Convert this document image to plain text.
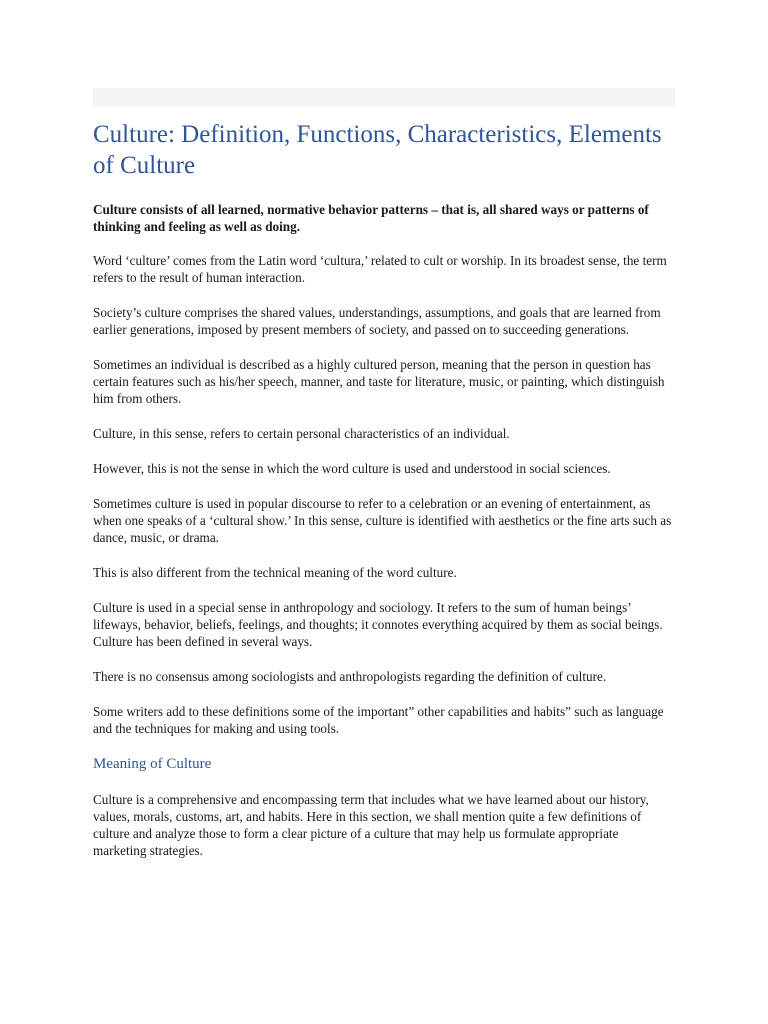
Culture: Definition, Functions, Characteristics, Elements of Culture

Culture consists of all learned, normative behavior patterns – that is, all shared ways or patterns of thinking and feeling as well as doing.

Word ‘culture’ comes from the Latin word ‘cultura,’ related to cult or worship. In its broadest sense, the term refers to the result of human interaction.

Society’s culture comprises the shared values, understandings, assumptions, and goals that are learned from earlier generations, imposed by present members of society, and passed on to succeeding generations.

Sometimes an individual is described as a highly cultured person, meaning that the person in question has certain features such as his/her speech, manner, and taste for literature, music, or painting, which distinguish him from others.

Culture, in this sense, refers to certain personal characteristics of an individual.

However, this is not the sense in which the word culture is used and understood in social sciences.

Sometimes culture is used in popular discourse to refer to a celebration or an evening of entertainment, as when one speaks of a ‘cultural show.’ In this sense, culture is identified with aesthetics or the fine arts such as dance, music, or drama.

This is also different from the technical meaning of the word culture.

Culture is used in a special sense in anthropology and sociology. It refers to the sum of human beings’ lifeways, behavior, beliefs, feelings, and thoughts; it connotes everything acquired by them as social beings. Culture has been defined in several ways.

There is no consensus among sociologists and anthropologists regarding the definition of culture.

Some writers add to these definitions some of the important” other capabilities and habits” such as language and the techniques for making and using tools.

Meaning of Culture

Culture is a comprehensive and encompassing term that includes what we have learned about our history, values, morals, customs, art, and habits. Here in this section, we shall mention quite a few definitions of culture and analyze those to form a clear picture of a culture that may help us formulate appropriate marketing strategies.
